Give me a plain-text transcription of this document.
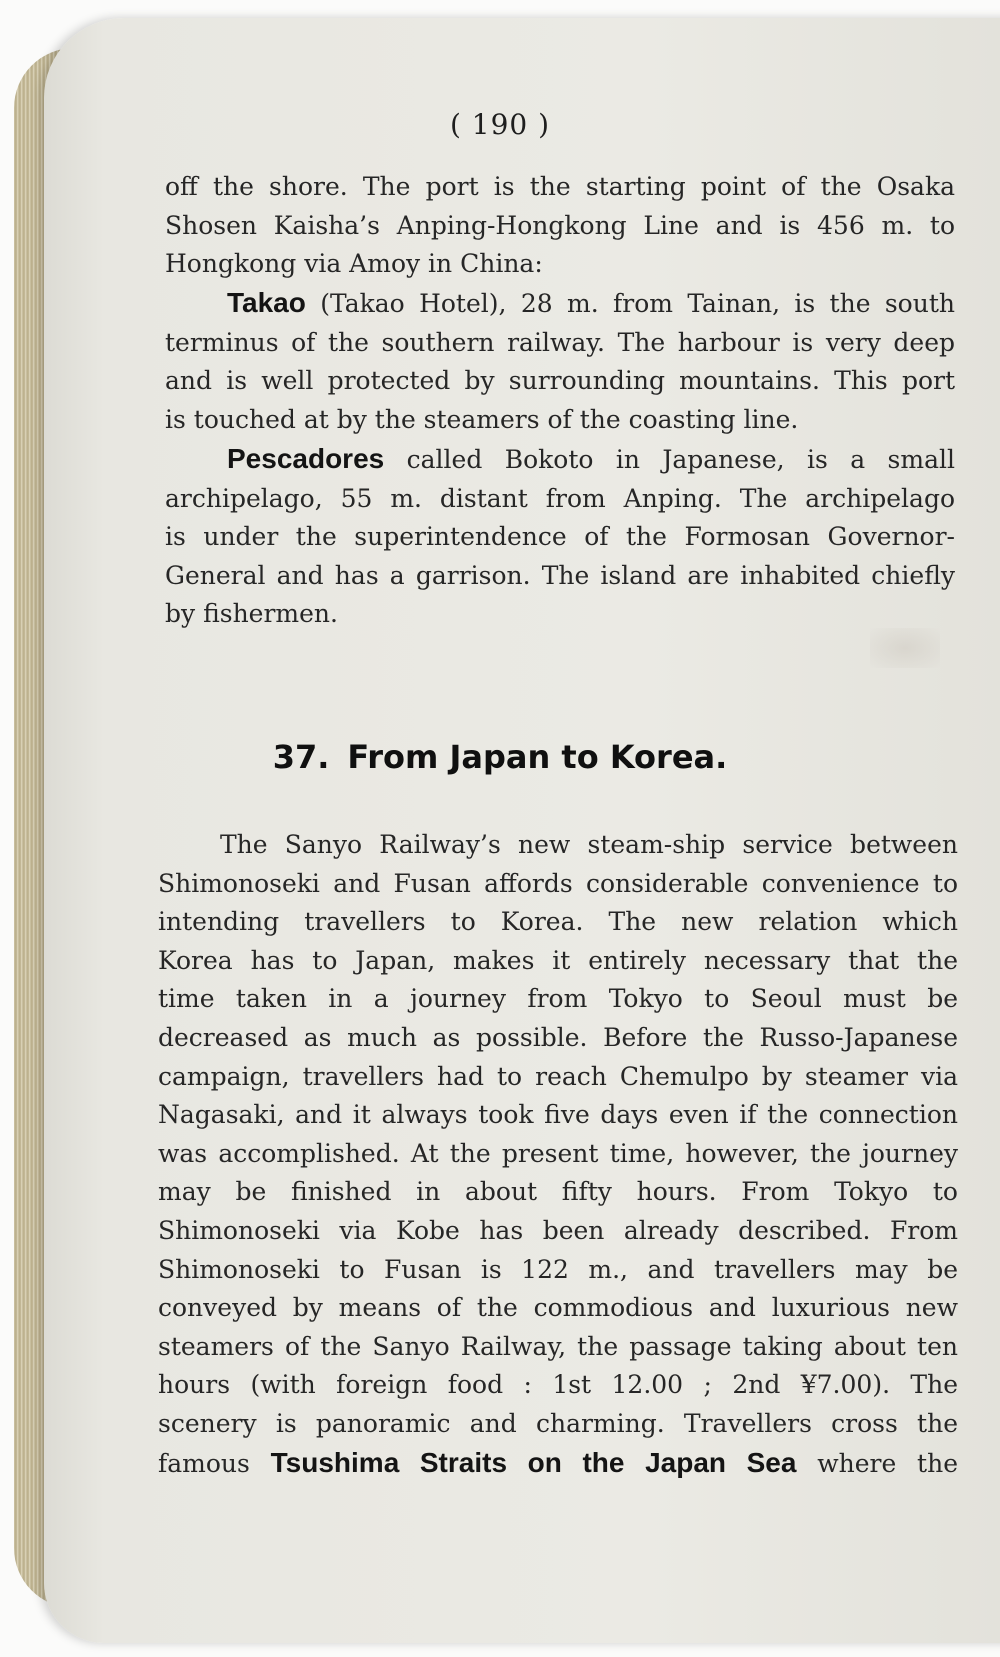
( 190 )
off the shore. The port is the starting point of the Osaka
Shosen Kaisha’s Anping-Hongkong Line and is 456 m. to
Hongkong via Amoy in China:
Takao (Takao Hotel), 28 m. from Tainan, is the south
terminus of the southern railway. The harbour is very deep
and is well protected by surrounding mountains. This port
is touched at by the steamers of the coasting line.
Pescadores called Bokoto in Japanese, is a small
archipelago, 55 m. distant from Anping. The archipelago
is under the superintendence of the Formosan Governor-
General and has a garrison. The island are inhabited chiefly
by fishermen.
37. From Japan to Korea.
The Sanyo Railway’s new steam-ship service between
Shimonoseki and Fusan affords considerable convenience to
intending travellers to Korea. The new relation which
Korea has to Japan, makes it entirely necessary that the
time taken in a journey from Tokyo to Seoul must be
decreased as much as possible. Before the Russo-Japanese
campaign, travellers had to reach Chemulpo by steamer via
Nagasaki, and it always took five days even if the connection
was accomplished. At the present time, however, the journey
may be finished in about fifty hours. From Tokyo to
Shimonoseki via Kobe has been already described. From
Shimonoseki to Fusan is 122 m., and travellers may be
conveyed by means of the commodious and luxurious new
steamers of the Sanyo Railway, the passage taking about ten
hours (with foreign food : 1st 12.00 ; 2nd ¥7.00). The
scenery is panoramic and charming. Travellers cross the
famous Tsushima Straits on the Japan Sea where the
